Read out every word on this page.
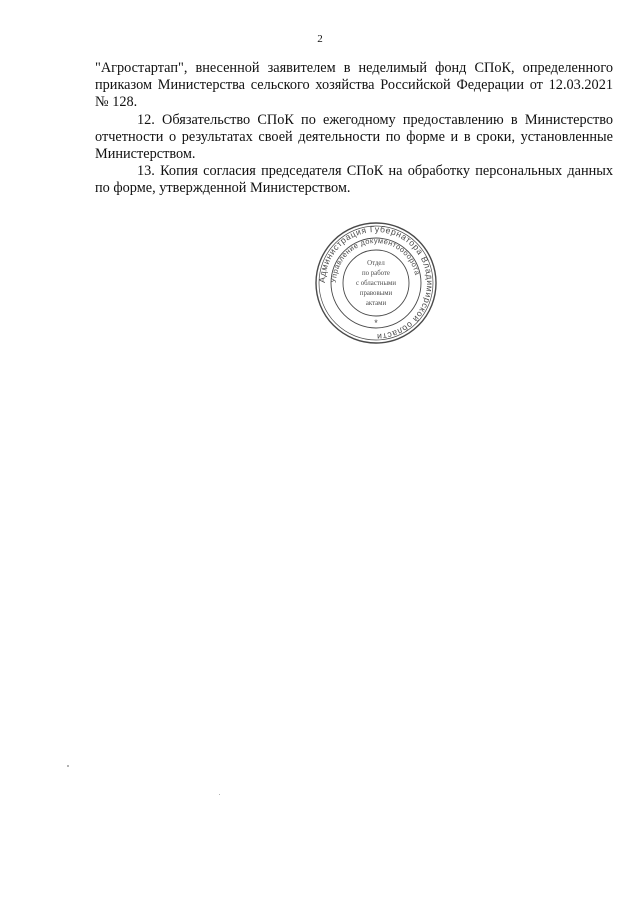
2

"Агростартап", внесенной заявителем в неделимый фонд СПоК, определенного приказом Министерства сельского хозяйства Российской Федерации от 12.03.2021 № 128.

12. Обязательство СПоК по ежегодному предоставлению в Министерство отчетности о результатах своей деятельности по форме и в сроки, установленные Министерством.

13. Копия согласия председателя СПоК на обработку персональных данных по форме, утвержденной Министерством.

Администрация Губернатора Владимирской области
Управление документооборота
Отдел
по работе
с областными
правовыми
актами
*
